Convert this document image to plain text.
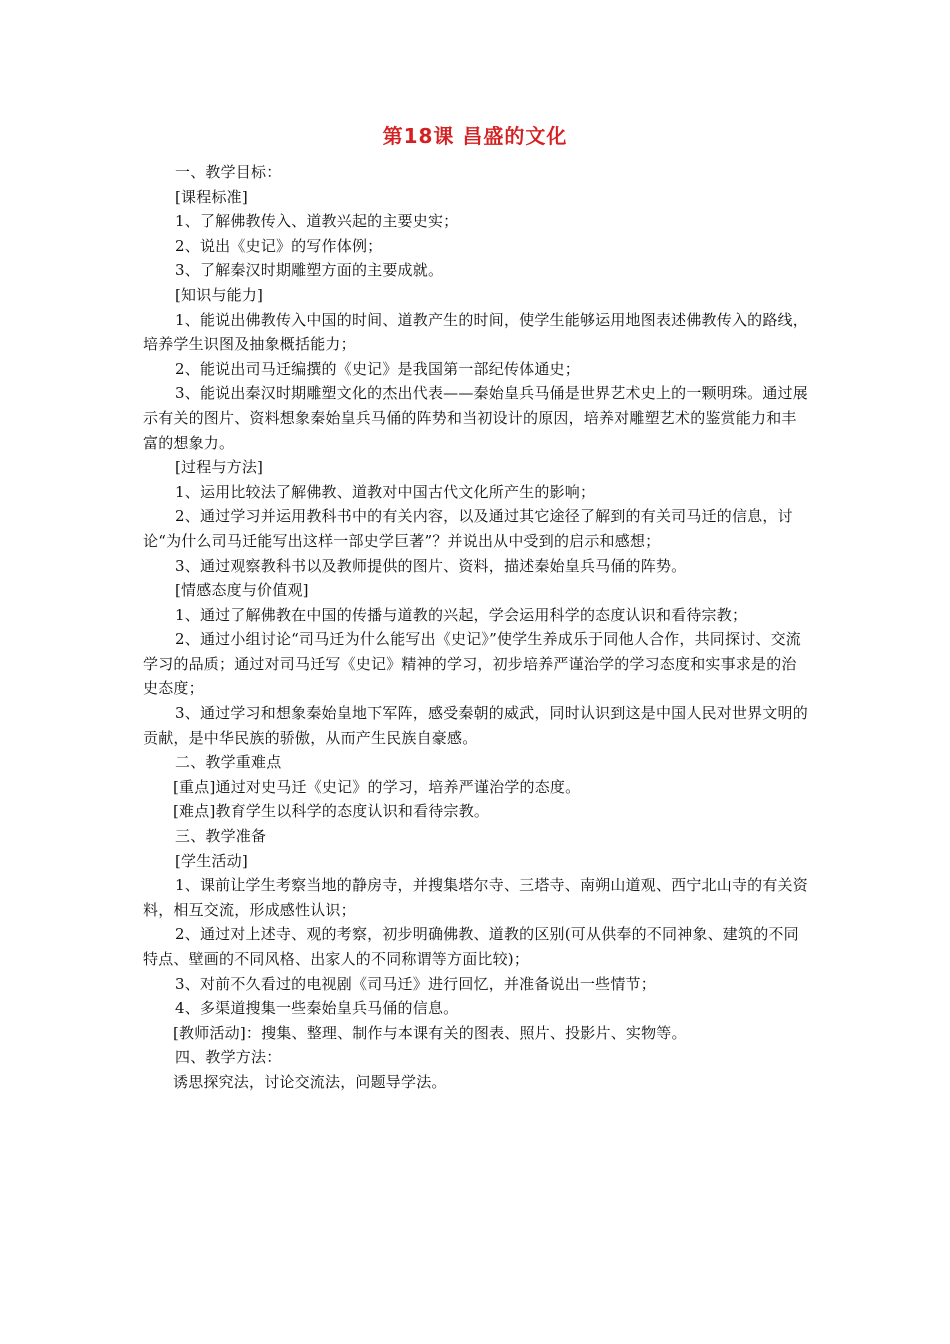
第18课 昌盛的文化

一、教学目标：

[课程标准]

1、了解佛教传入、道教兴起的主要史实；

2、说出《史记》的写作体例；

3、了解秦汉时期雕塑方面的主要成就。

[知识与能力]

1、能说出佛教传入中国的时间、道教产生的时间，使学生能够运用地图表述佛教传入的路线，培养学生识图及抽象概括能力；

2、能说出司马迁编撰的《史记》是我国第一部纪传体通史；

3、能说出秦汉时期雕塑文化的杰出代表——秦始皇兵马俑是世界艺术史上的一颗明珠。通过展示有关的图片、资料想象秦始皇兵马俑的阵势和当初设计的原因，培养对雕塑艺术的鉴赏能力和丰富的想象力。

[过程与方法]

1、运用比较法了解佛教、道教对中国古代文化所产生的影响；

2、通过学习并运用教科书中的有关内容，以及通过其它途径了解到的有关司马迁的信息，讨论“为什么司马迁能写出这样一部史学巨著”？并说出从中受到的启示和感想；

3、通过观察教科书以及教师提供的图片、资料，描述秦始皇兵马俑的阵势。

[情感态度与价值观]

1、通过了解佛教在中国的传播与道教的兴起，学会运用科学的态度认识和看待宗教；

2、通过小组讨论“司马迁为什么能写出《史记》”使学生养成乐于同他人合作，共同探讨、交流学习的品质；通过对司马迁写《史记》精神的学习，初步培养严谨治学的学习态度和实事求是的治史态度；

3、通过学习和想象秦始皇地下军阵，感受秦朝的威武，同时认识到这是中国人民对世界文明的贡献，是中华民族的骄傲，从而产生民族自豪感。

二、教学重难点

[重点]通过对史马迁《史记》的学习，培养严谨治学的态度。

[难点]教育学生以科学的态度认识和看待宗教。

三、教学准备

[学生活动]

1、课前让学生考察当地的静房寺，并搜集塔尔寺、三塔寺、南朔山道观、西宁北山寺的有关资料，相互交流，形成感性认识；

2、通过对上述寺、观的考察，初步明确佛教、道教的区别(可从供奉的不同神象、建筑的不同特点、壁画的不同风格、出家人的不同称谓等方面比较)；

3、对前不久看过的电视剧《司马迁》进行回忆，并准备说出一些情节；

4、多渠道搜集一些秦始皇兵马俑的信息。

[教师活动]：搜集、整理、制作与本课有关的图表、照片、投影片、实物等。

四、教学方法：

诱思探究法，讨论交流法，问题导学法。
